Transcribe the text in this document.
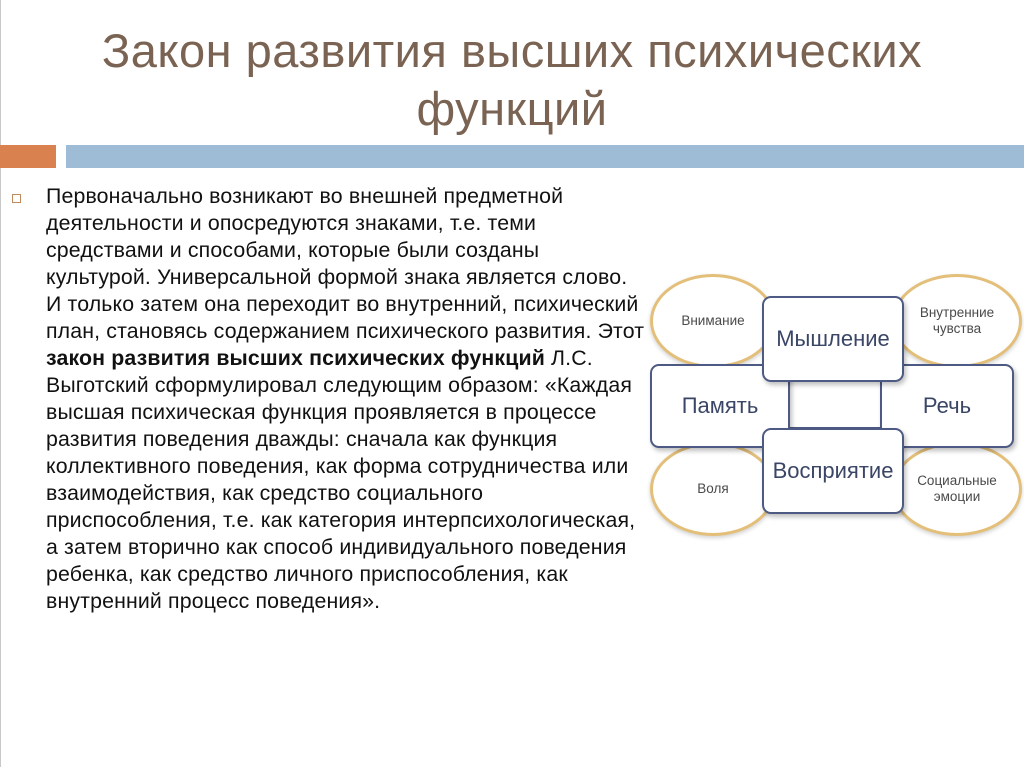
Закон развития высших психических функций
Первоначально возникают во внешней предметной деятельности и опосредуются знаками, т.е. теми средствами и способами, которые были созданы культурой. Универсальной формой знака является слово. И только затем она переходит во внутренний, психический план, становясь содержанием психического развития. Этот закон развития высших психических функций Л.С. Выготский сформулировал следующим образом: «Каждая высшая психическая функция проявляется в процессе развития поведения дважды: сначала как функция коллективного поведения, как форма сотрудничества или взаимодействия, как средство социального приспособления, т.е. как категория интерпсихологическая, а затем вторично как способ индивидуального поведения ребенка, как средство личного приспособления, как внутренний процесс поведения».
Внимание
Внутренние чувства
Воля
Социальные эмоции
Память	Речь
Мышление
Восприятие
